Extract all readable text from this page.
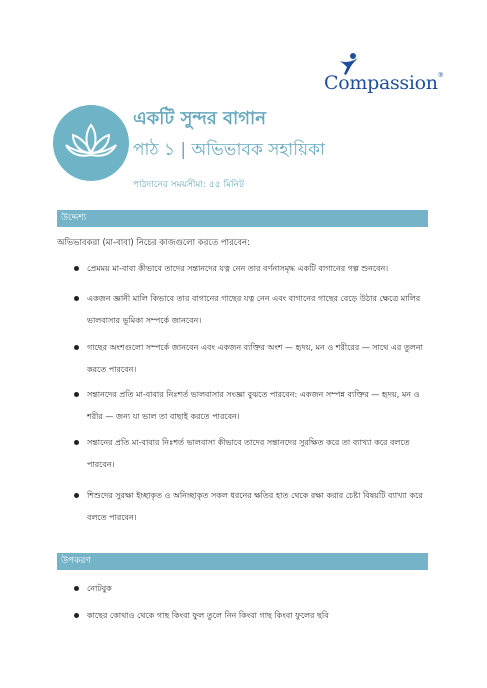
Compassion®
একটি সুন্দর বাগান
পাঠ ১ | অভিভাবক সহায়িকা
পাঠদানের সময়সীমা: ৫৫ মিনিট
উদ্দেশ্য
অভিভাবকরা (মা-বাবা) নিচের কাজগুলো করতে পারবেন:
প্রেমময় মা-বাবা কীভাবে তাদের সন্তানদের যত্ন নেন তার বর্ণনাসমৃদ্ধ একটি বাগানের গল্প শুনবেন।
একজন জ্ঞানী মালি কিভাবে তার বাগানের গাছের যত্ন নেন এবং বাগানের গাছের বেড়ে উঠার ক্ষেত্রে মালির ভালবাসার ভূমিকা সম্পর্কে জানবেন।
গাছের অংশগুলো সম্পর্কে জানবেন এবং একজন ব্যক্তির অংশ — হৃদয়, মন ও শরীরের — সাথে এর তুলনা করতে পারবেন।
সন্তানদের প্রতি মা-বাবার নিঃশর্ত ভালবাসার সংজ্ঞা বুঝতে পারবেন: একজন সম্পন্ন ব্যক্তির — হৃদয়, মন ও শরীর — জন্য যা ভাল তা বাছাই করতে পারবেন।
সন্তানের প্রতি মা-বাবার নিঃশর্ত ভালবাসা কীভাবে তাদের সন্তানদের সুরক্ষিত করে তা ব্যাখ্যা করে বলতে পারবেন।
শিশুদের সুরক্ষা ইচ্ছাকৃত ও অনিচ্ছাকৃত সকল ধরনের ক্ষতির হাত থেকে রক্ষা করার চেষ্টা বিষয়টি ব্যাখ্যা করে বলতে পারবেন।
উপকরণ
নোটবুক
কাছের কোথাও থেকে গাছ কিংবা ফুল তুলে নিন কিংবা গাছ কিংবা ফুলের ছবি
